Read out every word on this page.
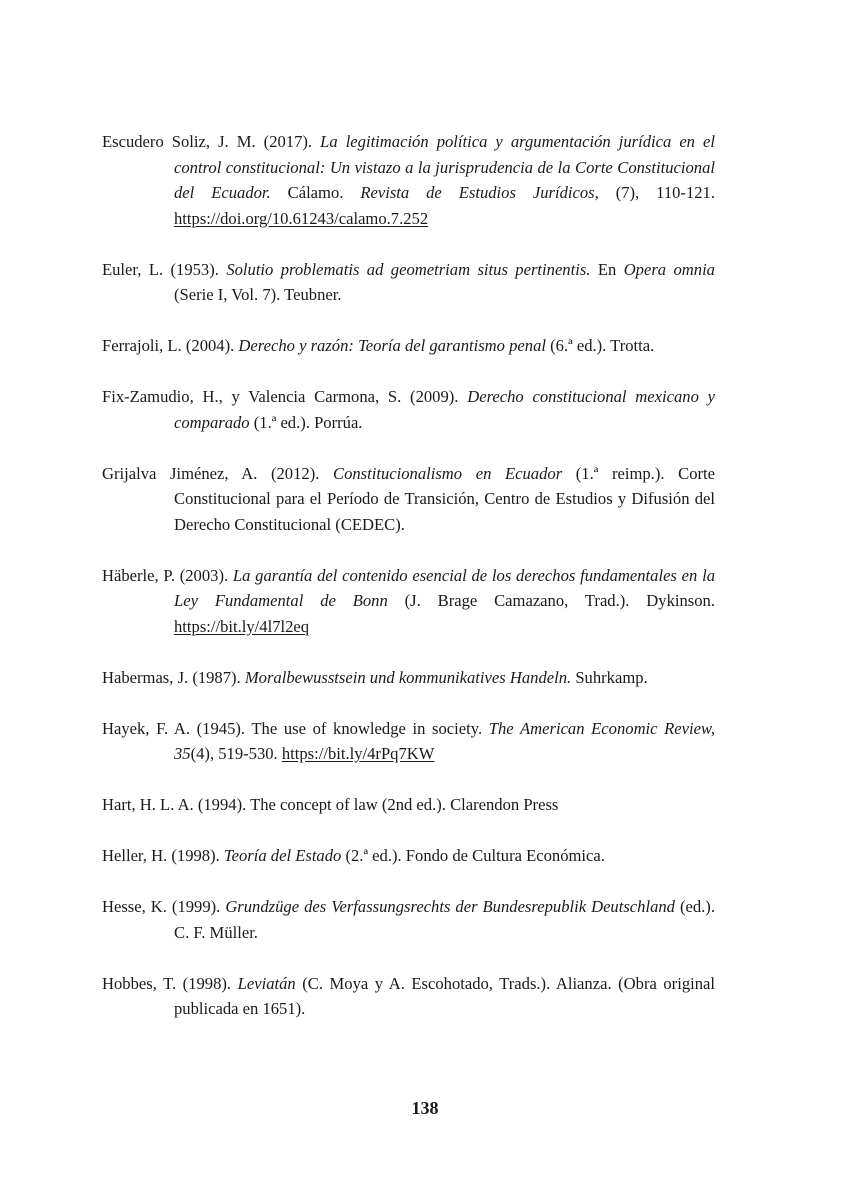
Escudero Soliz, J. M. (2017). La legitimación política y argumentación jurídica en el control constitucional: Un vistazo a la jurisprudencia de la Corte Constitucional del Ecuador. Cálamo. Revista de Estudios Jurídicos, (7), 110-121. https://doi.org/10.61243/calamo.7.252

Euler, L. (1953). Solutio problematis ad geometriam situs pertinentis. En Opera omnia (Serie I, Vol. 7). Teubner.

Ferrajoli, L. (2004). Derecho y razón: Teoría del garantismo penal (6.ª ed.). Trotta.

Fix-Zamudio, H., y Valencia Carmona, S. (2009). Derecho constitucional mexicano y comparado (1.ª ed.). Porrúa.

Grijalva Jiménez, A. (2012). Constitucionalismo en Ecuador (1.ª reimp.). Corte Constitucional para el Período de Transición, Centro de Estudios y Difusión del Derecho Constitucional (CEDEC).

Häberle, P. (2003). La garantía del contenido esencial de los derechos fundamentales en la Ley Fundamental de Bonn (J. Brage Camazano, Trad.). Dykinson. https://bit.ly/4l7l2eq

Habermas, J. (1987). Moralbewusstsein und kommunikatives Handeln. Suhrkamp.

Hayek, F. A. (1945). The use of knowledge in society. The American Economic Review, 35(4), 519-530. https://bit.ly/4rPq7KW

Hart, H. L. A. (1994). The concept of law (2nd ed.). Clarendon Press

Heller, H. (1998). Teoría del Estado (2.ª ed.). Fondo de Cultura Económica.

Hesse, K. (1999). Grundzüge des Verfassungsrechts der Bundesrepublik Deutschland (ed.). C. F. Müller.

Hobbes, T. (1998). Leviatán (C. Moya y A. Escohotado, Trads.). Alianza. (Obra original publicada en 1651).

138
